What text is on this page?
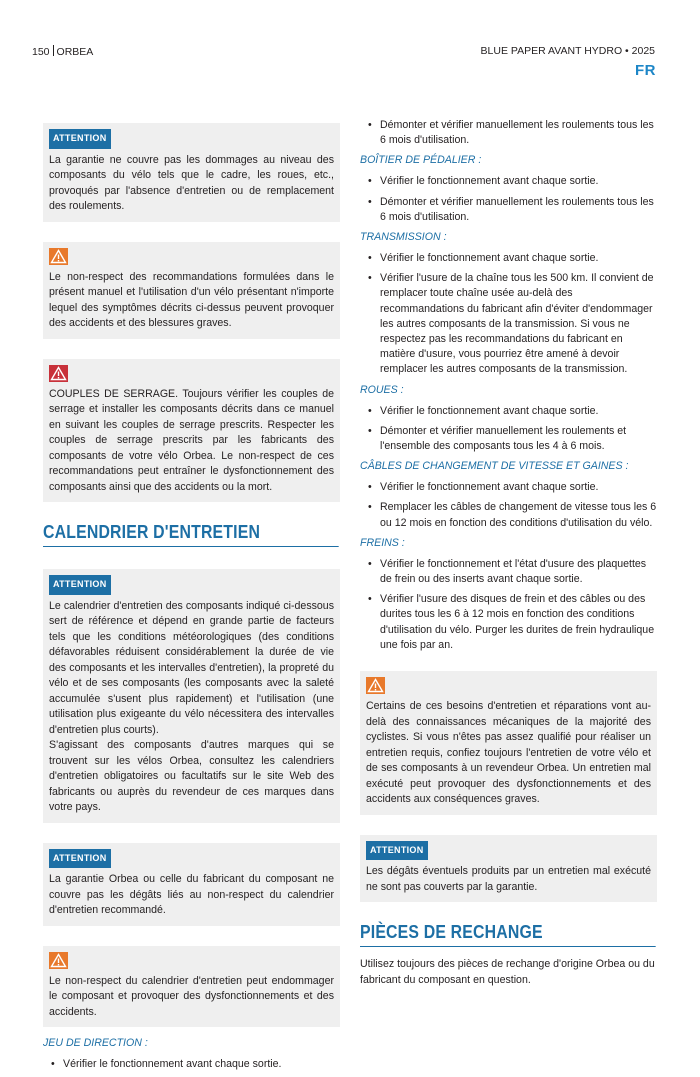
150 ORBEA	BLUE PAPER AVANT HYDRO • 2025
FR
ATTENTION

La garantie ne couvre pas les dommages au niveau des composants du vélo tels que le cadre, les roues, etc., provoqués par l'absence d'entretien ou de remplacement des roulements.

Le non-respect des recommandations formulées dans le présent manuel et l'utilisation d'un vélo présentant n'importe lequel des symptômes décrits ci-dessus peuvent provoquer des accidents et des blessures graves.

COUPLES DE SERRAGE. Toujours vérifier les couples de serrage et installer les composants décrits dans ce manuel en suivant les couples de serrage prescrits. Respecter les couples de serrage prescrits par les fabricants des composants de votre vélo Orbea. Le non-respect de ces recommandations peut entraîner le dysfonctionnement des composants ainsi que des accidents ou la mort.

CALENDRIER D'ENTRETIEN
ATTENTION

Le calendrier d'entretien des composants indiqué ci-dessous sert de référence et dépend en grande partie de facteurs tels que les conditions météorologiques (des conditions défavorables réduisent considérablement la durée de vie des composants et les intervalles d'entretien), la propreté du vélo et de ses composants (les composants avec la saleté accumulée s'usent plus rapidement) et l'utilisation (une utilisation plus exigeante du vélo nécessitera des intervalles d'entretien plus courts).

S'agissant des composants d'autres marques qui se trouvent sur les vélos Orbea, consultez les calendriers d'entretien obligatoires ou facultatifs sur le site Web des fabricants ou auprès du revendeur de ces marques dans votre pays.

ATTENTION

La garantie Orbea ou celle du fabricant du composant ne couvre pas les dégâts liés au non-respect du calendrier d'entretien recommandé.

Le non-respect du calendrier d'entretien peut endommager le composant et provoquer des dysfonctionnements et des accidents.

JEU DE DIRECTION :
• Vérifier le fonctionnement avant chaque sortie.
• Démonter et vérifier manuellement les roulements tous les 6 mois d'utilisation.
BOÎTIER DE PÉDALIER :
• Vérifier le fonctionnement avant chaque sortie.
• Démonter et vérifier manuellement les roulements tous les 6 mois d'utilisation.
TRANSMISSION :
• Vérifier le fonctionnement avant chaque sortie.
• Vérifier l'usure de la chaîne tous les 500 km. Il convient de remplacer toute chaîne usée au-delà des recommandations du fabricant afin d'éviter d'endommager les autres composants de la transmission. Si vous ne respectez pas les recommandations du fabricant en matière d'usure, vous pourriez être amené à devoir remplacer les autres composants de la transmission.
ROUES :
• Vérifier le fonctionnement avant chaque sortie.
• Démonter et vérifier manuellement les roulements et l'ensemble des composants tous les 4 à 6 mois.
CÂBLES DE CHANGEMENT DE VITESSE ET GAINES :
• Vérifier le fonctionnement avant chaque sortie.
• Remplacer les câbles de changement de vitesse tous les 6 ou 12 mois en fonction des conditions d'utilisation du vélo.
FREINS :
• Vérifier le fonctionnement et l'état d'usure des plaquettes de frein ou des inserts avant chaque sortie.
• Vérifier l'usure des disques de frein et des câbles ou des durites tous les 6 à 12 mois en fonction des conditions d'utilisation du vélo. Purger les durites de frein hydraulique une fois par an.

Certains de ces besoins d'entretien et réparations vont au-delà des connaissances mécaniques de la majorité des cyclistes. Si vous n'êtes pas assez qualifié pour réaliser un entretien requis, confiez toujours l'entretien de votre vélo et de ses composants à un revendeur Orbea. Un entretien mal exécuté peut provoquer des dysfonctionnements et des accidents aux conséquences graves.

ATTENTION

Les dégâts éventuels produits par un entretien mal exécuté ne sont pas couverts par la garantie.

PIÈCES DE RECHANGE

Utilisez toujours des pièces de rechange d'origine Orbea ou du fabricant du composant en question.
